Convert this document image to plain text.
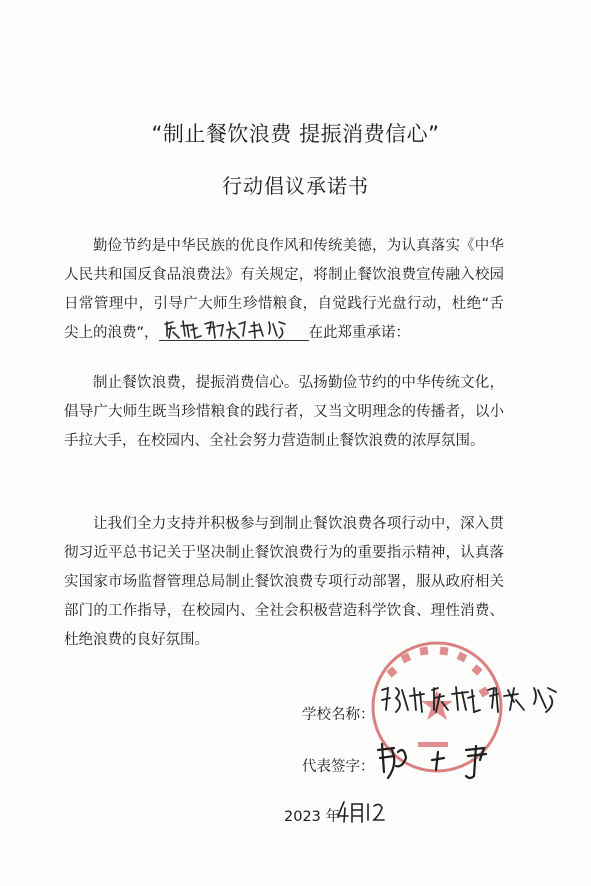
“制止餐饮浪费 提振消费信心”
行动倡议承诺书

勤俭节约是中华民族的优良作风和传统美德，为认真落实《中华人民共和国反食品浪费法》有关规定，将制止餐饮浪费宣传融入校园日常管理中，引导广大师生珍惜粮食，自觉践行光盘行动，杜绝“舌尖上的浪费”，	在此郑重承诺：

制止餐饮浪费，提振消费信心。弘扬勤俭节约的中华传统文化，倡导广大师生既当珍惜粮食的践行者，又当文明理念的传播者，以小手拉大手，在校园内、全社会努力营造制止餐饮浪费的浓厚氛围。

让我们全力支持并积极参与到制止餐饮浪费各项行动中，深入贯彻习近平总书记关于坚决制止餐饮浪费行为的重要指示精神，认真落实国家市场监督管理总局制止餐饮浪费专项行动部署，服从政府相关部门的工作指导，在校园内、全社会积极营造科学饮食、理性消费、杜绝浪费的良好氛围。

学校名称：
代表签字：
2023 年
